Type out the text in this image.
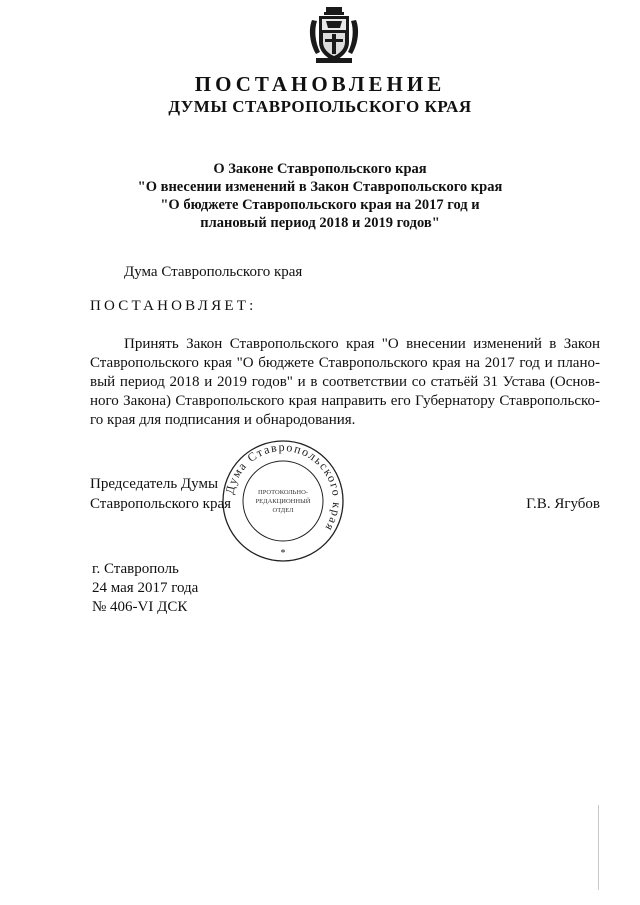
ПОСТАНОВЛЕНИЕ
ДУМЫ СТАВРОПОЛЬСКОГО КРАЯ
О Законе Ставропольского края
"О внесении изменений в Закон Ставропольского края
"О бюджете Ставропольского края на 2017 год и
плановый период 2018 и 2019 годов"
Дума Ставропольского края
ПОСТАНОВЛЯЕТ:
Принять Закон Ставропольского края "О внесении изменений в Закон
Ставропольского края "О бюджете Ставропольского края на 2017 год и плано-
вый период 2018 и 2019 годов" и в соответствии со статьёй 31 Устава (Основ-
ного Закона) Ставропольского края направить его Губернатору Ставропольско-
го края для подписания и обнародования.
Председатель Думы
Ставропольского края
Думa Ставропольского края
ПРОТОКОЛЬНО-
РЕДАКЦИОННЫЙ
ОТДЕЛ
*
Г.В. Ягубов
г. Ставрополь
24 мая 2017 года
№ 406-VI ДСК
